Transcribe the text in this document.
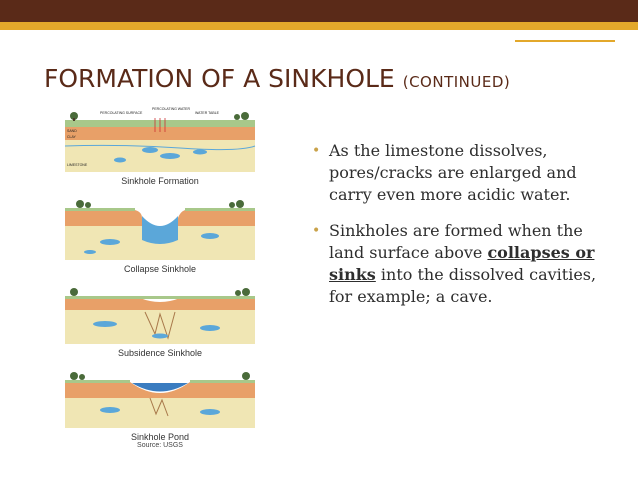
FORMATION OF A SINKHOLE (CONTINUED)
PERCOLATING SURFACE
PERCOLATING WATER
WATER TABLE
SAND
CLAY
LIMESTONE
Sinkhole Formation
Collapse Sinkhole
Subsidence Sinkhole
Sinkhole Pond
Source: USGS
• As the limestone dissolves, pores/cracks are enlarged and carry even more acidic water.
• Sinkholes are formed when the land surface above collapses or sinks into the dissolved cavities, for example; a cave.
